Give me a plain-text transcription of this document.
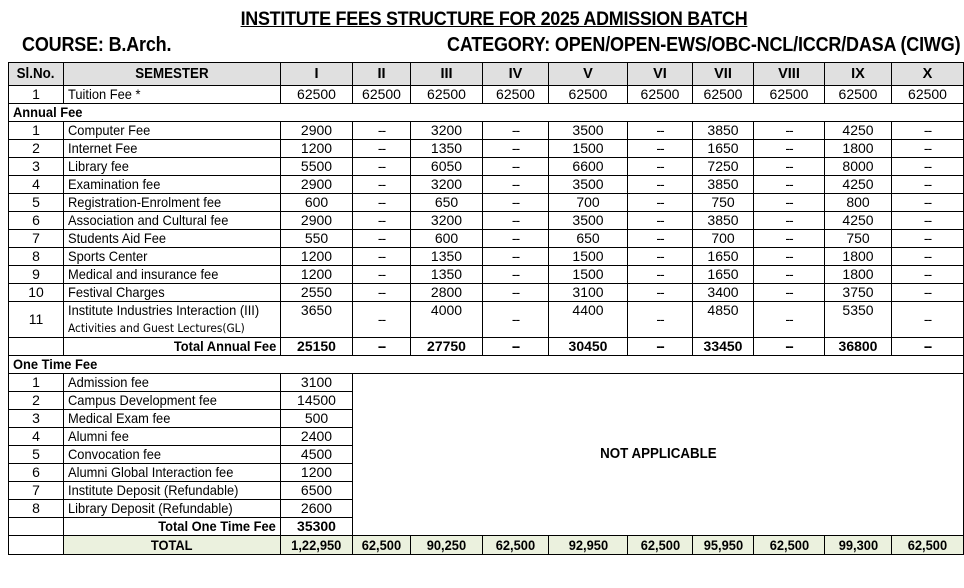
INSTITUTE FEES STRUCTURE FOR 2025 ADMISSION BATCH
COURSE: B.Arch.	CATEGORY: OPEN/OPEN-EWS/OBC-NCL/ICCR/DASA (CIWG)
Sl.No.	SEMESTER	I	II	III	IV	V	VI	VII	VIII	IX	X
1	Tuition Fee *	62500	62500	62500	62500	62500	62500	62500	62500	62500	62500
Annual Fee											
1	Computer Fee	2900	--	3200	--	3500	--	3850	--	4250	--
2	Internet Fee	1200	--	1350	--	1500	--	1650	--	1800	--
3	Library fee	5500	--	6050	--	6600	--	7250	--	8000	--
4	Examination fee	2900	--	3200	--	3500	--	3850	--	4250	--
5	Registration-Enrolment fee	600	--	650	--	700	--	750	--	800	--
6	Association and Cultural fee	2900	--	3200	--	3500	--	3850	--	4250	--
7	Students Aid Fee	550	--	600	--	650	--	700	--	750	--
8	Sports Center	1200	--	1350	--	1500	--	1650	--	1800	--
9	Medical and insurance fee	1200	--	1350	--	1500	--	1650	--	1800	--
10	Festival Charges	2550	--	2800	--	3100	--	3400	--	3750	--
11	Institute Industries Interaction (III)
Activities and Guest Lectures(GL)	3650	--	4000	--	4400	--	4850	--	5350	--
	Total Annual Fee	25150	--	27750	--	30450	--	33450	--	36800	--
One Time Fee											
1	Admission fee	3100	NOT APPLICABLE								
2	Campus Development fee	14500									
3	Medical Exam fee	500									
4	Alumni fee	2400									
5	Convocation fee	4500									
6	Alumni Global Interaction fee	1200									
7	Institute Deposit (Refundable)	6500									
8	Library Deposit (Refundable)	2600									
	Total One Time Fee	35300									
	TOTAL	1,22,950	62,500	90,250	62,500	92,950	62,500	95,950	62,500	99,300	62,500
